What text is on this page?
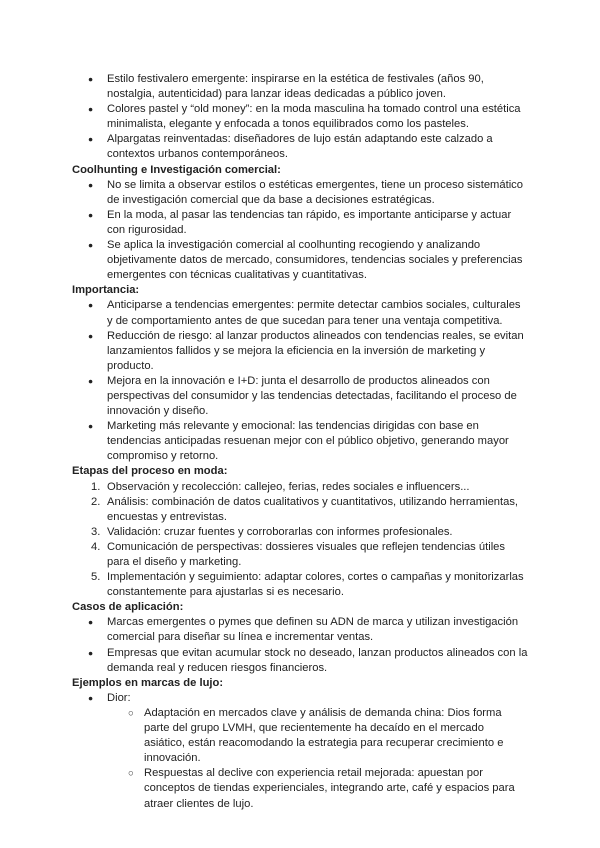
● Estilo festivalero emergente: inspirarse en la estética de festivales (años 90, nostalgia, autenticidad) para lanzar ideas dedicadas a público joven.
● Colores pastel y “old money”: en la moda masculina ha tomado control una estética minimalista, elegante y enfocada a tonos equilibrados como los pasteles.
● Alpargatas reinventadas: diseñadores de lujo están adaptando este calzado a contextos urbanos contemporáneos.
Coolhunting e Investigación comercial:
● No se limita a observar estilos o estéticas emergentes, tiene un proceso sistemático de investigación comercial que da base a decisiones estratégicas.
● En la moda, al pasar las tendencias tan rápido, es importante anticiparse y actuar con rigurosidad.
● Se aplica la investigación comercial al coolhunting recogiendo y analizando objetivamente datos de mercado, consumidores, tendencias sociales y preferencias emergentes con técnicas cualitativas y cuantitativas.
Importancia:
● Anticiparse a tendencias emergentes: permite detectar cambios sociales, culturales y de comportamiento antes de que sucedan para tener una ventaja competitiva.
● Reducción de riesgo: al lanzar productos alineados con tendencias reales, se evitan lanzamientos fallidos y se mejora la eficiencia en la inversión de marketing y producto.
● Mejora en la innovación e I+D: junta el desarrollo de productos alineados con perspectivas del consumidor y las tendencias detectadas, facilitando el proceso de innovación y diseño.
● Marketing más relevante y emocional: las tendencias dirigidas con base en tendencias anticipadas resuenan mejor con el público objetivo, generando mayor compromiso y retorno.
Etapas del proceso en moda:
1. Observación y recolección: callejeo, ferias, redes sociales e influencers...
2. Análisis: combinación de datos cualitativos y cuantitativos, utilizando herramientas, encuestas y entrevistas.
3. Validación: cruzar fuentes y corroborarlas con informes profesionales.
4. Comunicación de perspectivas: dossieres visuales que reflejen tendencias útiles para el diseño y marketing.
5. Implementación y seguimiento: adaptar colores, cortes o campañas y monitorizarlas constantemente para ajustarlas si es necesario.
Casos de aplicación:
● Marcas emergentes o pymes que definen su ADN de marca y utilizan investigación comercial para diseñar su línea e incrementar ventas.
● Empresas que evitan acumular stock no deseado, lanzan productos alineados con la demanda real y reducen riesgos financieros.
Ejemplos en marcas de lujo:
● Dior:
○ Adaptación en mercados clave y análisis de demanda china: Dios forma parte del grupo LVMH, que recientemente ha decaído en el mercado asiático, están reacomodando la estrategia para recuperar crecimiento e innovación.
○ Respuestas al declive con experiencia retail mejorada: apuestan por conceptos de tiendas experienciales, integrando arte, café y espacios para atraer clientes de lujo.
